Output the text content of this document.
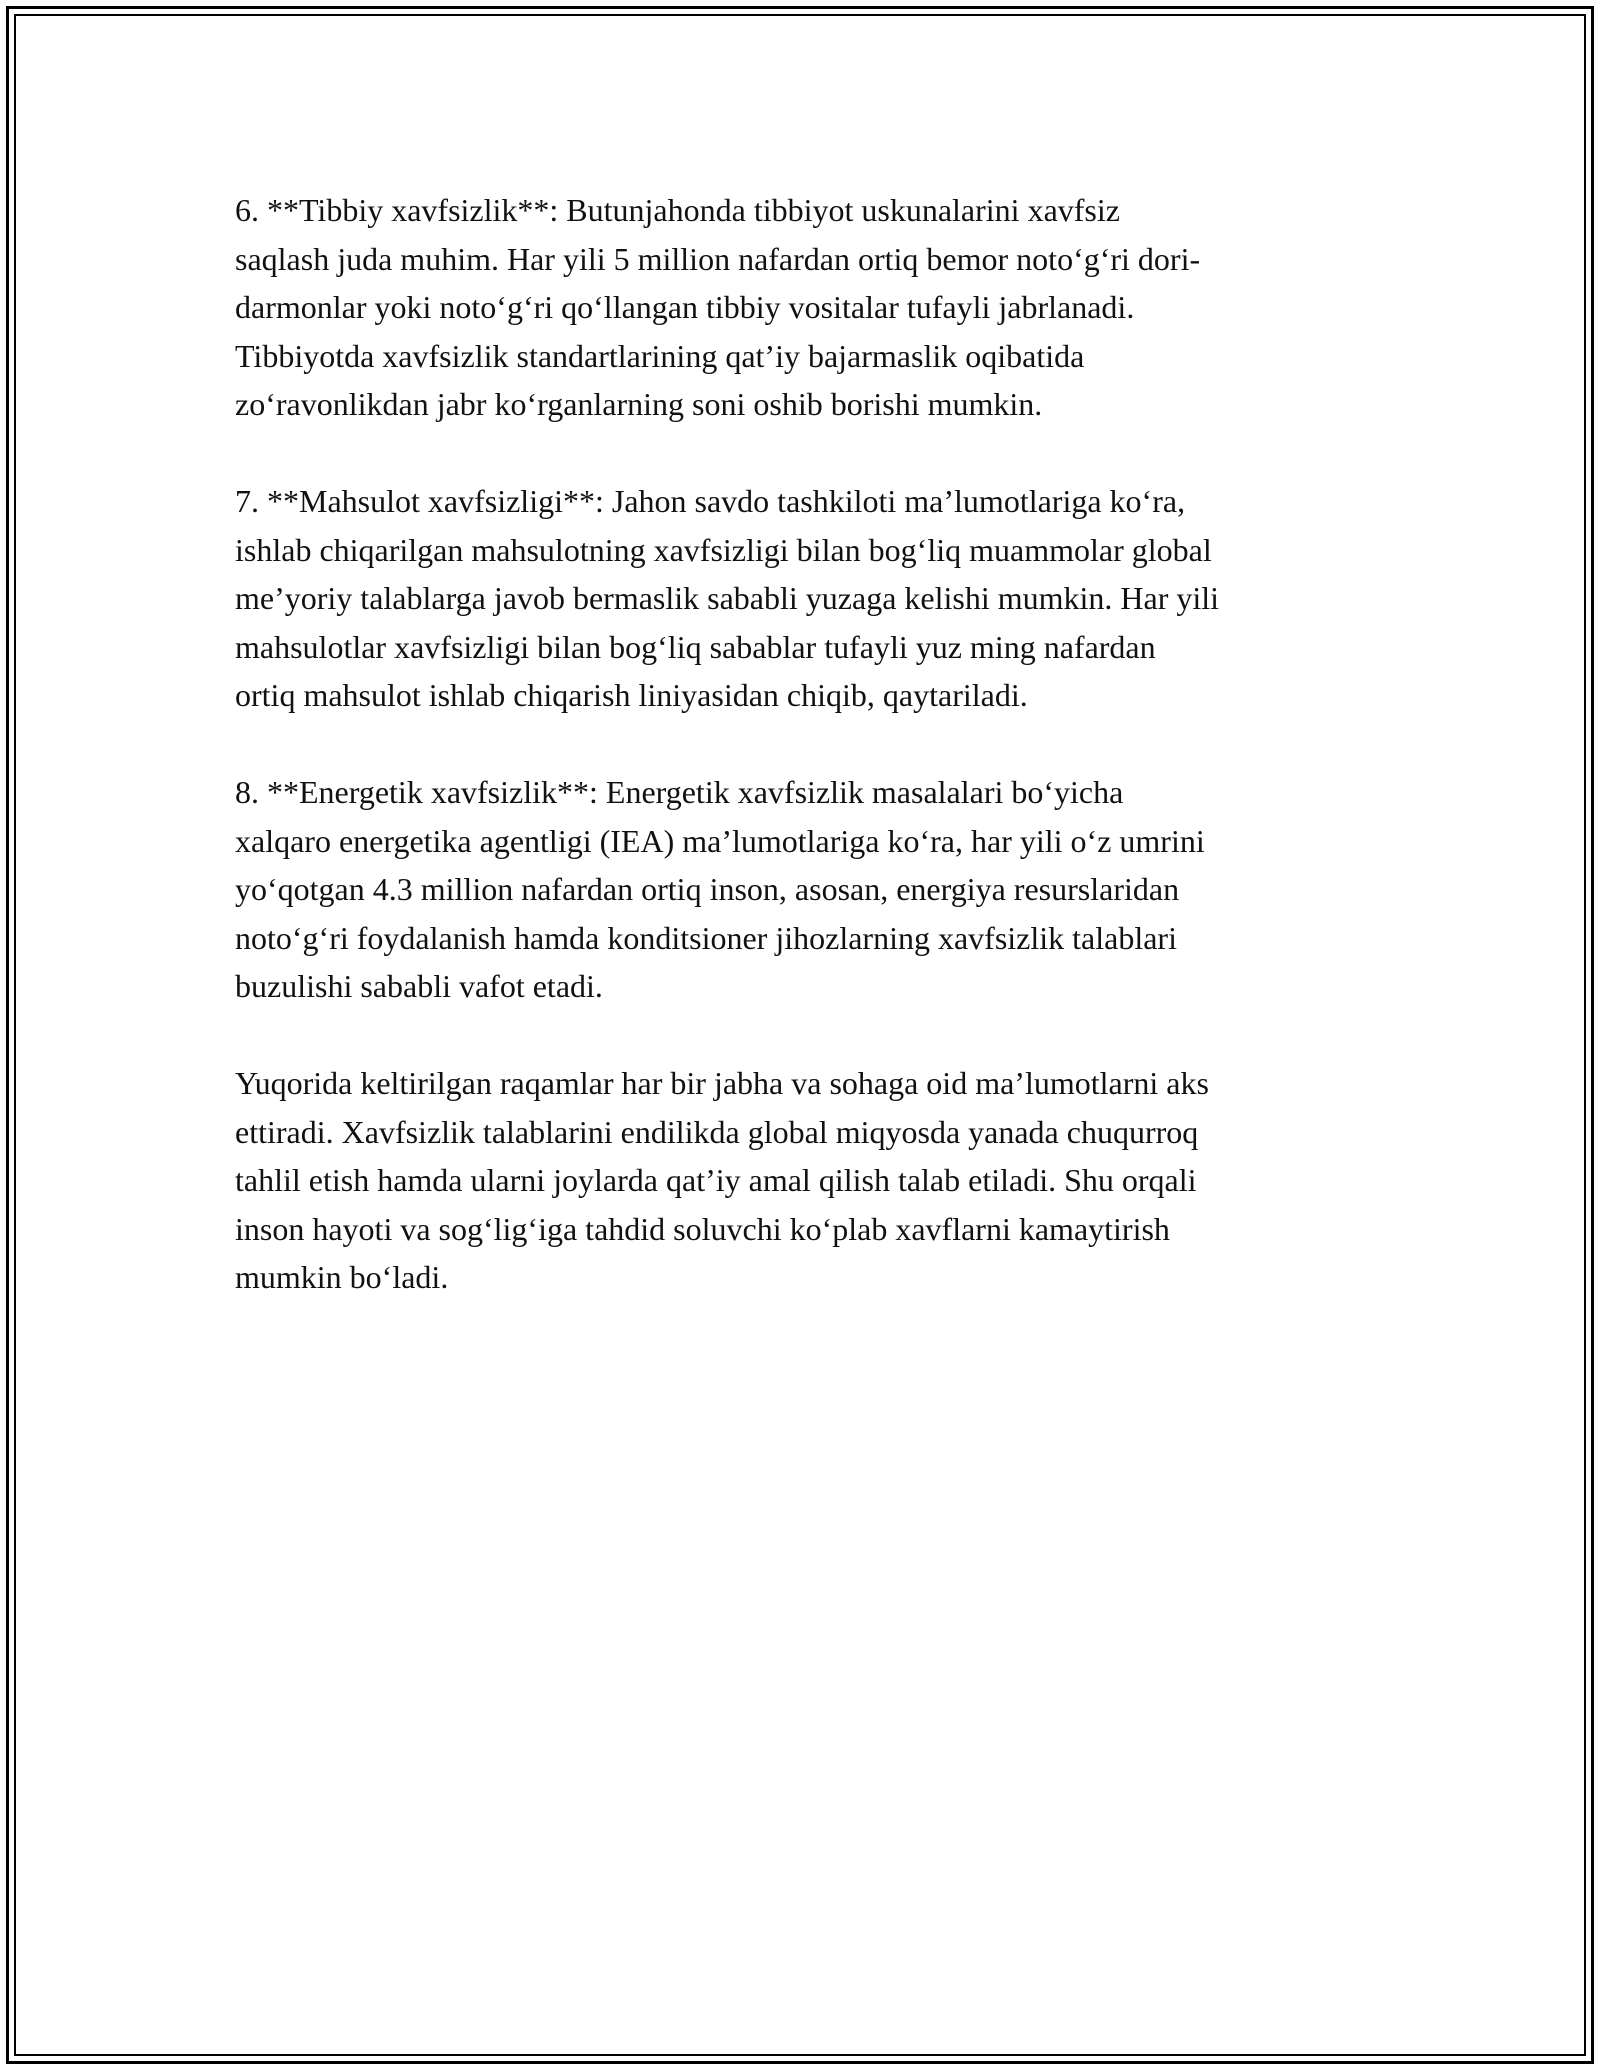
6. **Tibbiy xavfsizlik**: Butunjahonda tibbiyot uskunalarini xavfsiz
saqlash juda muhim. Har yili 5 million nafardan ortiq bemor noto‘g‘ri dori-
darmonlar yoki noto‘g‘ri qo‘llangan tibbiy vositalar tufayli jabrlanadi.
Tibbiyotda xavfsizlik standartlarining qat’iy bajarmaslik oqibatida
zo‘ravonlikdan jabr ko‘rganlarning soni oshib borishi mumkin.

7. **Mahsulot xavfsizligi**: Jahon savdo tashkiloti ma’lumotlariga ko‘ra,
ishlab chiqarilgan mahsulotning xavfsizligi bilan bog‘liq muammolar global
me’yoriy talablarga javob bermaslik sababli yuzaga kelishi mumkin. Har yili
mahsulotlar xavfsizligi bilan bog‘liq sabablar tufayli yuz ming nafardan
ortiq mahsulot ishlab chiqarish liniyasidan chiqib, qaytariladi.

8. **Energetik xavfsizlik**: Energetik xavfsizlik masalalari bo‘yicha
xalqaro energetika agentligi (IEA) ma’lumotlariga ko‘ra, har yili o‘z umrini
yo‘qotgan 4.3 million nafardan ortiq inson, asosan, energiya resurslaridan
noto‘g‘ri foydalanish hamda konditsioner jihozlarning xavfsizlik talablari
buzulishi sababli vafot etadi.

Yuqorida keltirilgan raqamlar har bir jabha va sohaga oid ma’lumotlarni aks
ettiradi. Xavfsizlik talablarini endilikda global miqyosda yanada chuqurroq
tahlil etish hamda ularni joylarda qat’iy amal qilish talab etiladi. Shu orqali
inson hayoti va sog‘lig‘iga tahdid soluvchi ko‘plab xavflarni kamaytirish
mumkin bo‘ladi.
